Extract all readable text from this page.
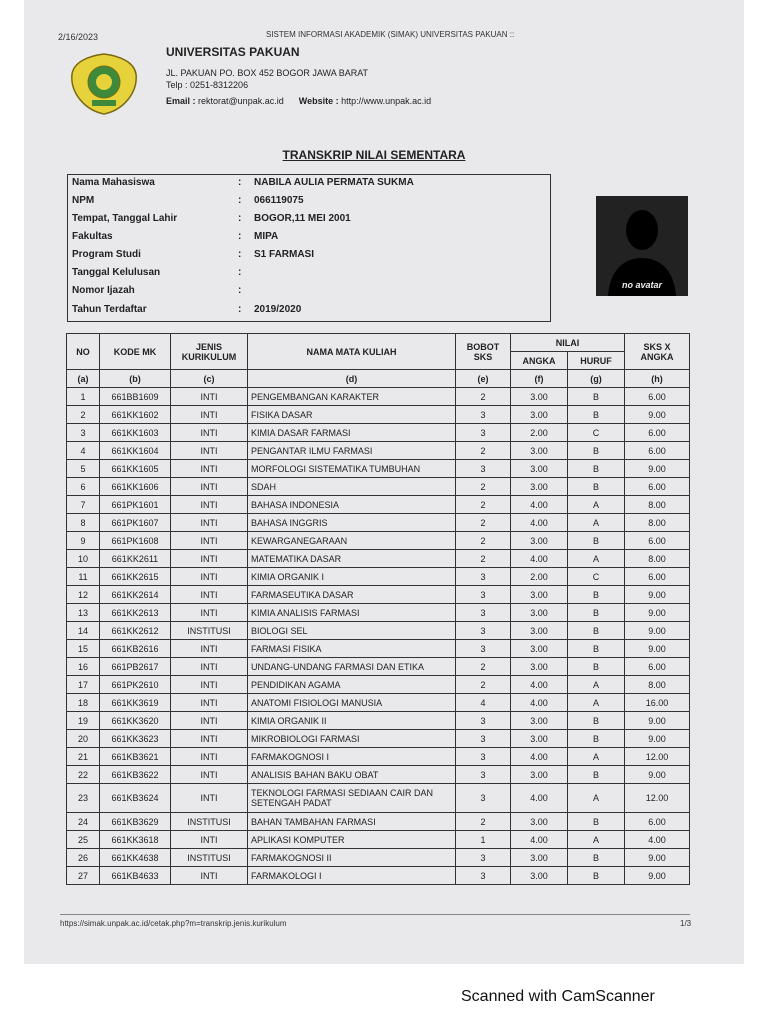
2/16/2023	SISTEM INFORMASI AKADEMIK (SIMAK) UNIVERSITAS PAKUAN ::
UNIVERSITAS PAKUAN
JL. PAKUAN PO. BOX 452 BOGOR JAWA BARAT
Telp : 0251-8312206
Email : rektorat@unpak.ac.id Website : http://www.unpak.ac.id
TRANSKRIP NILAI SEMENTARA
Nama Mahasiswa	: NABILA AULIA PERMATA SUKMA
NPM	: 066119075
Tempat, Tanggal Lahir	: BOGOR,11 MEI 2001
Fakultas	: MIPA
Program Studi	: S1 FARMASI
Tanggal Kelulusan	:
Nomor Ijazah	:
Tahun Terdaftar	: 2019/2020
no avatar
NO	KODE MK	JENIS KURIKULUM	NAMA MATA KULIAH	BOBOT SKS	NILAI		SKS X ANGKA
					ANGKA	HURUF	
(a)	(b)	(c)	(d)	(e)	(f)	(g)	(h)
1	661BB1609	INTI	PENGEMBANGAN KARAKTER	2	3.00	B	6.00
2	661KK1602	INTI	FISIKA DASAR	3	3.00	B	9.00
3	661KK1603	INTI	KIMIA DASAR FARMASI	3	2.00	C	6.00
4	661KK1604	INTI	PENGANTAR ILMU FARMASI	2	3.00	B	6.00
5	661KK1605	INTI	MORFOLOGI SISTEMATIKA TUMBUHAN	3	3.00	B	9.00
6	661KK1606	INTI	SDAH	2	3.00	B	6.00
7	661PK1601	INTI	BAHASA INDONESIA	2	4.00	A	8.00
8	661PK1607	INTI	BAHASA INGGRIS	2	4.00	A	8.00
9	661PK1608	INTI	KEWARGANEGARAAN	2	3.00	B	6.00
10	661KK2611	INTI	MATEMATIKA DASAR	2	4.00	A	8.00
11	661KK2615	INTI	KIMIA ORGANIK I	3	2.00	C	6.00
12	661KK2614	INTI	FARMASEUTIKA DASAR	3	3.00	B	9.00
13	661KK2613	INTI	KIMIA ANALISIS FARMASI	3	3.00	B	9.00
14	661KK2612	INSTITUSI	BIOLOGI SEL	3	3.00	B	9.00
15	661KB2616	INTI	FARMASI FISIKA	3	3.00	B	9.00
16	661PB2617	INTI	UNDANG-UNDANG FARMASI DAN ETIKA	2	3.00	B	6.00
17	661PK2610	INTI	PENDIDIKAN AGAMA	2	4.00	A	8.00
18	661KK3619	INTI	ANATOMI FISIOLOGI MANUSIA	4	4.00	A	16.00
19	661KK3620	INTI	KIMIA ORGANIK II	3	3.00	B	9.00
20	661KK3623	INTI	MIKROBIOLOGI FARMASI	3	3.00	B	9.00
21	661KB3621	INTI	FARMAKOGNOSI I	3	4.00	A	12.00
22	661KB3622	INTI	ANALISIS BAHAN BAKU OBAT	3	3.00	B	9.00
23	661KB3624	INTI	TEKNOLOGI FARMASI SEDIAAN CAIR DAN SETENGAH PADAT	3	4.00	A	12.00
24	661KB3629	INSTITUSI	BAHAN TAMBAHAN FARMASI	2	3.00	B	6.00
25	661KK3618	INTI	APLIKASI KOMPUTER	1	4.00	A	4.00
26	661KK4638	INSTITUSI	FARMAKOGNOSI II	3	3.00	B	9.00
27	661KB4633	INTI	FARMAKOLOGI I	3	3.00	B	9.00
https://simak.unpak.ac.id/cetak.php?m=transkrip.jenis.kurikulum	1/3
Scanned with CamScanner
